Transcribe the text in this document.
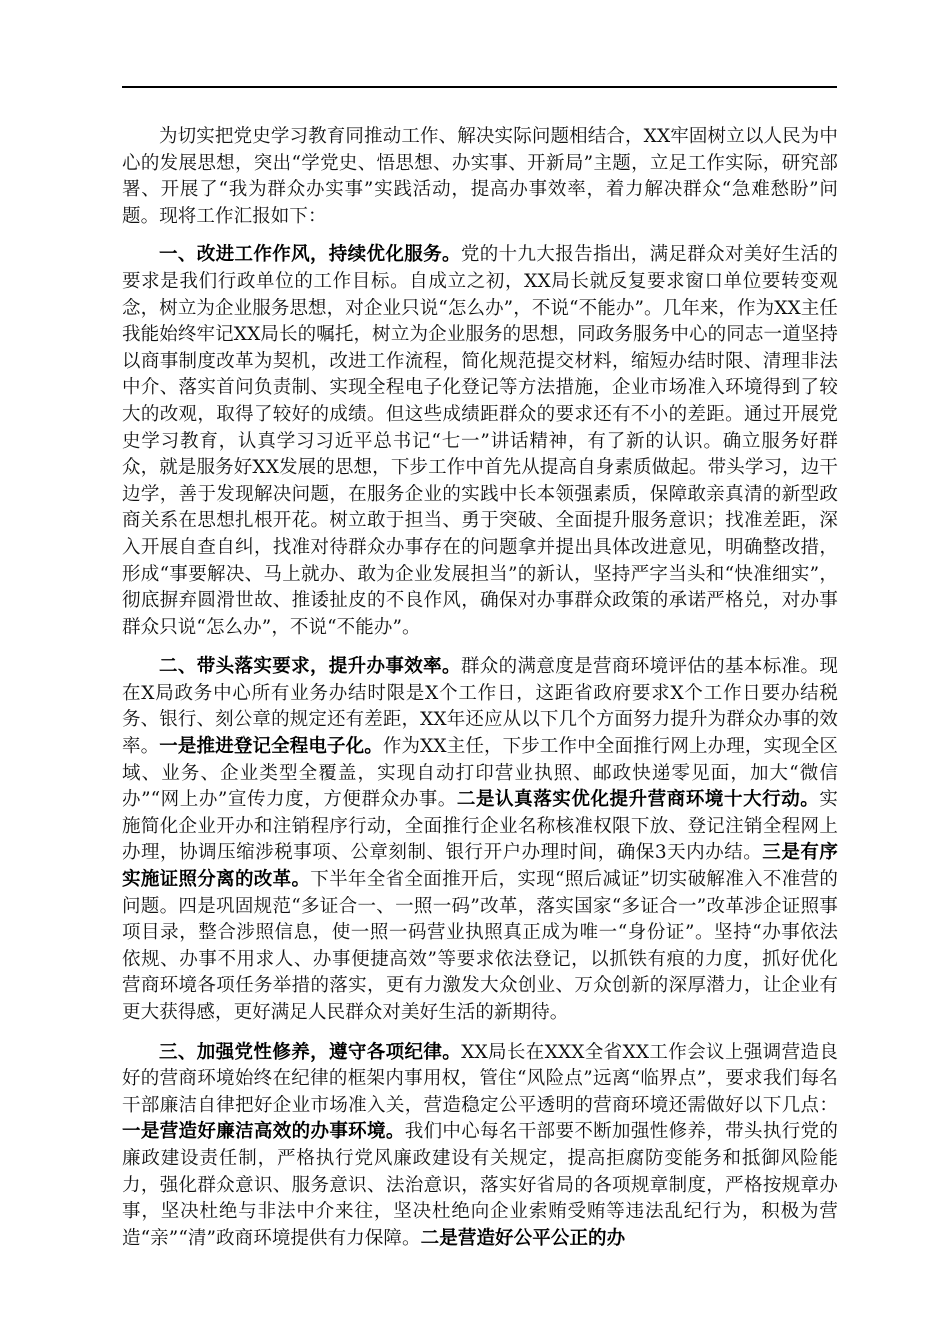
为切实把党史学习教育同推动工作、解决实际问题相结合，XX牢固树立以人民为中心的发展思想，突出“学党史、悟思想、办实事、开新局”主题，立足工作实际，研究部署、开展了“我为群众办实事”实践活动，提高办事效率，着力解决群众“急难愁盼”问题。现将工作汇报如下：

一、改进工作作风，持续优化服务。党的十九大报告指出，满足群众对美好生活的要求是我们行政单位的工作目标。自成立之初，XX局长就反复要求窗口单位要转变观念，树立为企业服务思想，对企业只说“怎么办”，不说“不能办”。几年来，作为XX主任我能始终牢记XX局长的嘱托，树立为企业服务的思想，同政务服务中心的同志一道坚持以商事制度改革为契机，改进工作流程，简化规范提交材料，缩短办结时限、清理非法中介、落实首问负责制、实现全程电子化登记等方法措施，企业市场准入环境得到了较大的改观，取得了较好的成绩。但这些成绩距群众的要求还有不小的差距。通过开展党史学习教育，认真学习习近平总书记“七一”讲话精神，有了新的认识。确立服务好群众，就是服务好XX发展的思想，下步工作中首先从提高自身素质做起。带头学习，边干边学，善于发现解决问题，在服务企业的实践中长本领强素质，保障敢亲真清的新型政商关系在思想扎根开花。树立敢于担当、勇于突破、全面提升服务意识；找准差距，深入开展自查自纠，找准对待群众办事存在的问题拿并提出具体改进意见，明确整改措，形成“事要解决、马上就办、敢为企业发展担当”的新认，坚持严字当头和“快准细实”，彻底摒弃圆滑世故、推诿扯皮的不良作风，确保对办事群众政策的承诺严格兑，对办事群众只说“怎么办”，不说“不能办”。

二、带头落实要求，提升办事效率。群众的满意度是营商环境评估的基本标准。现在X局政务中心所有业务办结时限是X个工作日，这距省政府要求X个工作日要办结税务、银行、刻公章的规定还有差距，XX年还应从以下几个方面努力提升为群众办事的效率。一是推进登记全程电子化。作为XX主任，下步工作中全面推行网上办理，实现全区域、业务、企业类型全覆盖，实现自动打印营业执照、邮政快递零见面，加大“微信办”“网上办”宣传力度，方便群众办事。二是认真落实优化提升营商环境十大行动。实施简化企业开办和注销程序行动，全面推行企业名称核准权限下放、登记注销全程网上办理，协调压缩涉税事项、公章刻制、银行开户办理时间，确保3天内办结。三是有序实施证照分离的改革。下半年全省全面推开后，实现“照后减证”切实破解准入不准营的问题。四是巩固规范“多证合一、一照一码”改革，落实国家“多证合一”改革涉企证照事项目录，整合涉照信息，使一照一码营业执照真正成为唯一“身份证”。坚持“办事依法依规、办事不用求人、办事便捷高效”等要求依法登记，以抓铁有痕的力度，抓好优化营商环境各项任务举措的落实，更有力激发大众创业、万众创新的深厚潜力，让企业有更大获得感，更好满足人民群众对美好生活的新期待。

三、加强党性修养，遵守各项纪律。XX局长在XXX全省XX工作会议上强调营造良好的营商环境始终在纪律的框架内事用权，管住“风险点”远离“临界点”，要求我们每名干部廉洁自律把好企业市场准入关，营造稳定公平透明的营商环境还需做好以下几点：一是营造好廉洁高效的办事环境。我们中心每名干部要不断加强性修养，带头执行党的廉政建设责任制，严格执行党风廉政建设有关规定，提高拒腐防变能务和抵御风险能力，强化群众意识、服务意识、法治意识，落实好省局的各项规章制度，严格按规章办事，坚决杜绝与非法中介来往，坚决杜绝向企业索贿受贿等违法乱纪行为，积极为营造“亲”“清”政商环境提供有力保障。二是营造好公平公正的办
